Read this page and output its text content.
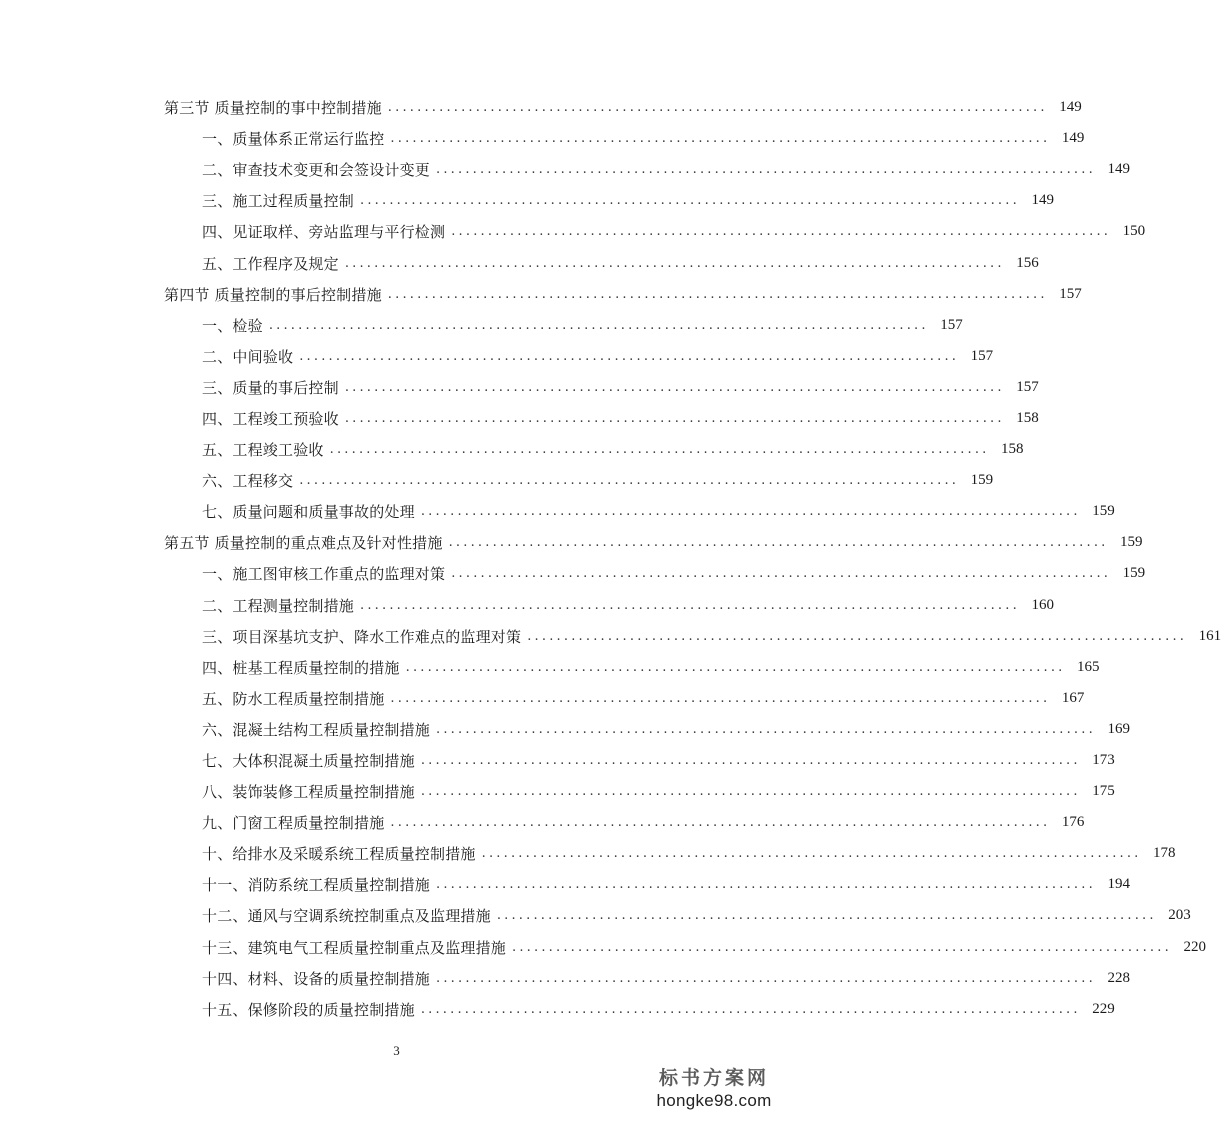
第三节 质量控制的事中控制措施 .......................................................................................... 149
一、质量体系正常运行监控 .......................................................................................... 149
二、审查技术变更和会签设计变更 .......................................................................................... 149
三、施工过程质量控制 .......................................................................................... 149
四、见证取样、旁站监理与平行检测 .......................................................................................... 150
五、工作程序及规定 .......................................................................................... 156
第四节 质量控制的事后控制措施 .......................................................................................... 157
一、检验 .......................................................................................... 157
二、中间验收 .......................................................................................... 157
三、质量的事后控制 .......................................................................................... 157
四、工程竣工预验收 .......................................................................................... 158
五、工程竣工验收 .......................................................................................... 158
六、工程移交 .......................................................................................... 159
七、质量问题和质量事故的处理 .......................................................................................... 159
第五节 质量控制的重点难点及针对性措施 .......................................................................................... 159
一、施工图审核工作重点的监理对策 .......................................................................................... 159
二、工程测量控制措施 .......................................................................................... 160
三、项目深基坑支护、降水工作难点的监理对策 .......................................................................................... 161
四、桩基工程质量控制的措施 .......................................................................................... 165
五、防水工程质量控制措施 .......................................................................................... 167
六、混凝土结构工程质量控制措施 .......................................................................................... 169
七、大体积混凝土质量控制措施 .......................................................................................... 173
八、装饰装修工程质量控制措施 .......................................................................................... 175
九、门窗工程质量控制措施 .......................................................................................... 176
十、给排水及采暖系统工程质量控制措施 .......................................................................................... 178
十一、消防系统工程质量控制措施 .......................................................................................... 194
十二、通风与空调系统控制重点及监理措施 .......................................................................................... 203
十三、建筑电气工程质量控制重点及监理措施 .......................................................................................... 220
十四、材料、设备的质量控制措施 .......................................................................................... 228
十五、保修阶段的质量控制措施 .......................................................................................... 229
3
标书方案网
hongke98.com
